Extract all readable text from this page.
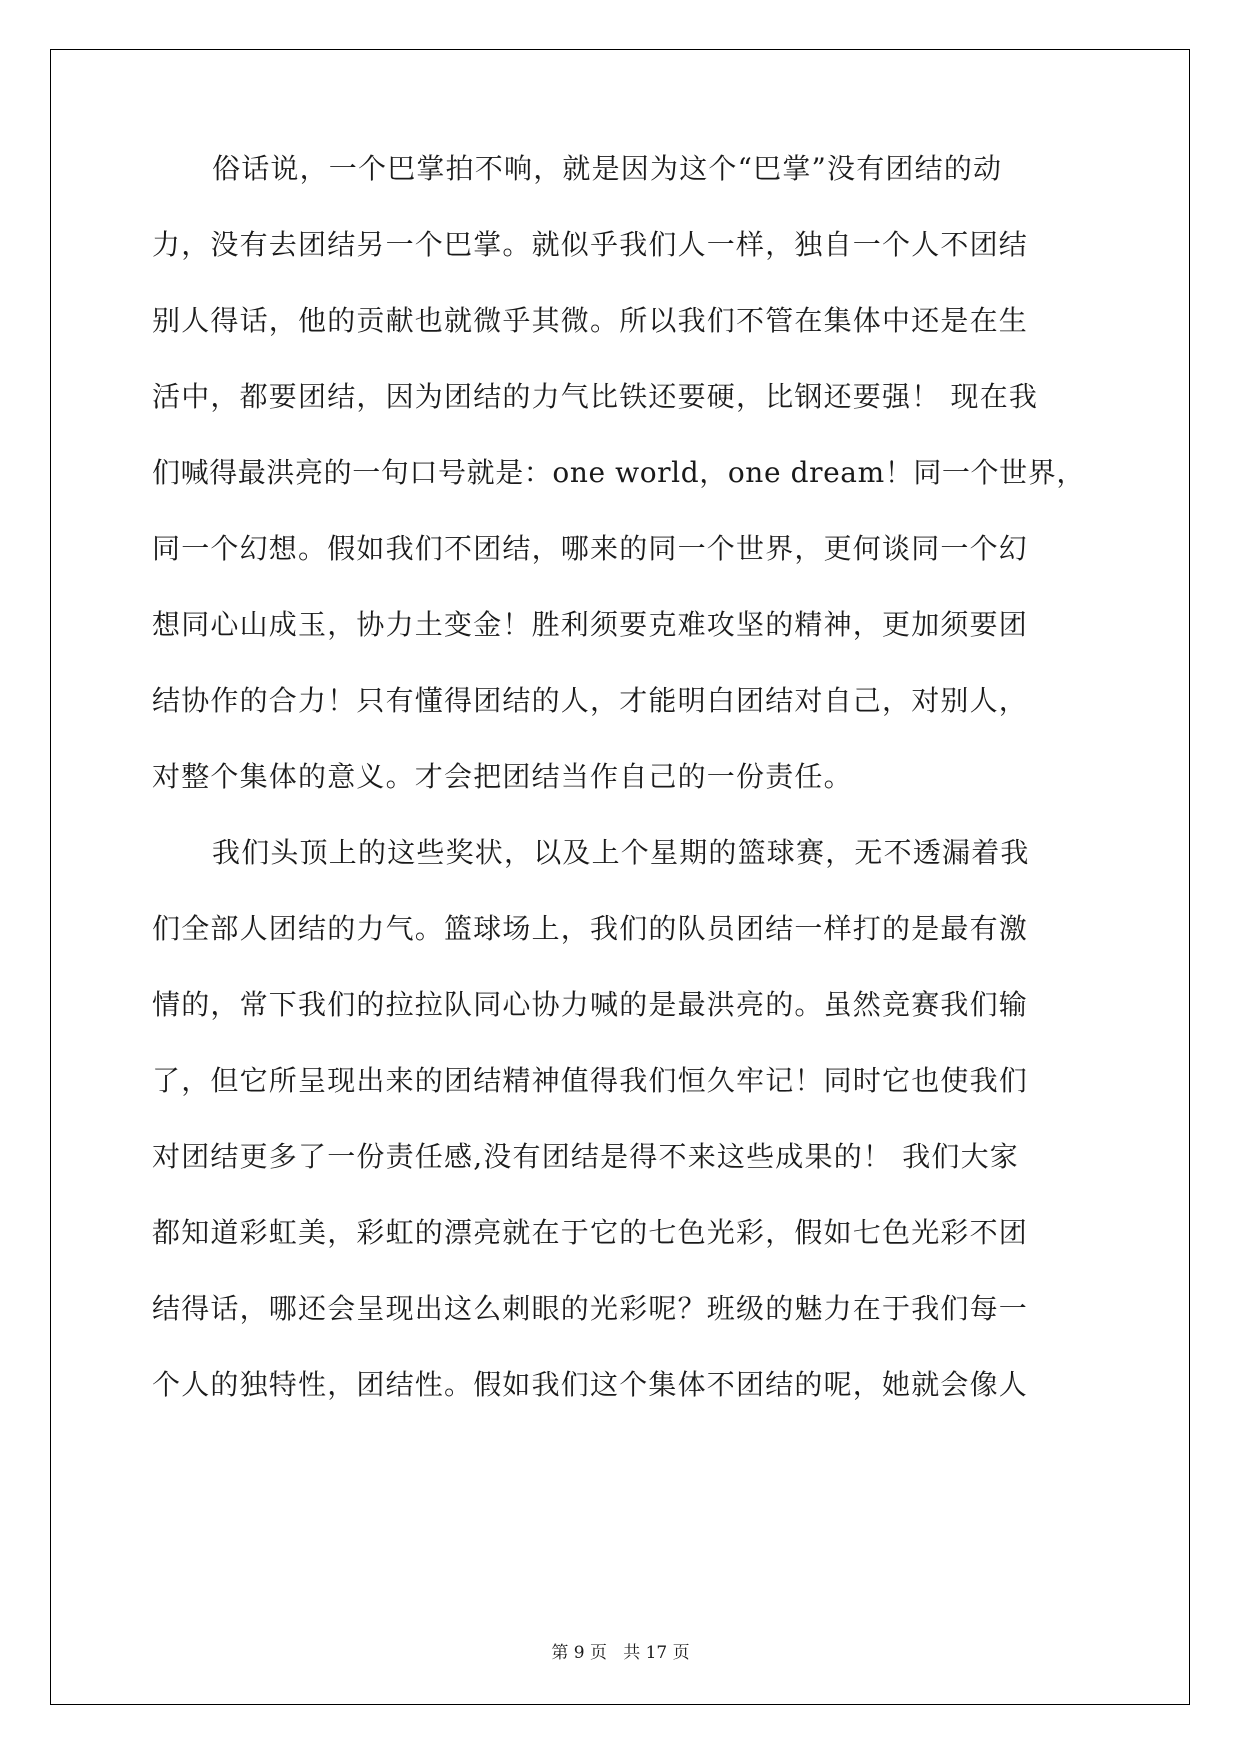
俗话说，一个巴掌拍不响，就是因为这个“巴掌”没有团结的动
力，没有去团结另一个巴掌。就似乎我们人一样，独自一个人不团结
别人得话，他的贡献也就微乎其微。所以我们不管在集体中还是在生
活中，都要团结，因为团结的力气比铁还要硬，比钢还要强！ 现在我
们喊得最洪亮的一句口号就是：one world，one dream！同一个世界，
同一个幻想。假如我们不团结，哪来的同一个世界，更何谈同一个幻
想同心山成玉，协力土变金！胜利须要克难攻坚的精神，更加须要团
结协作的合力！只有懂得团结的人，才能明白团结对自己，对别人，
对整个集体的意义。才会把团结当作自己的一份责任。
我们头顶上的这些奖状，以及上个星期的篮球赛，无不透漏着我
们全部人团结的力气。篮球场上，我们的队员团结一样打的是最有激
情的，常下我们的拉拉队同心协力喊的是最洪亮的。虽然竞赛我们输
了，但它所呈现出来的团结精神值得我们恒久牢记！同时它也使我们
对团结更多了一份责任感,没有团结是得不来这些成果的！ 我们大家
都知道彩虹美，彩虹的漂亮就在于它的七色光彩，假如七色光彩不团
结得话，哪还会呈现出这么刺眼的光彩呢？班级的魅力在于我们每一
个人的独特性，团结性。假如我们这个集体不团结的呢，她就会像人
第 9 页   共 17 页
